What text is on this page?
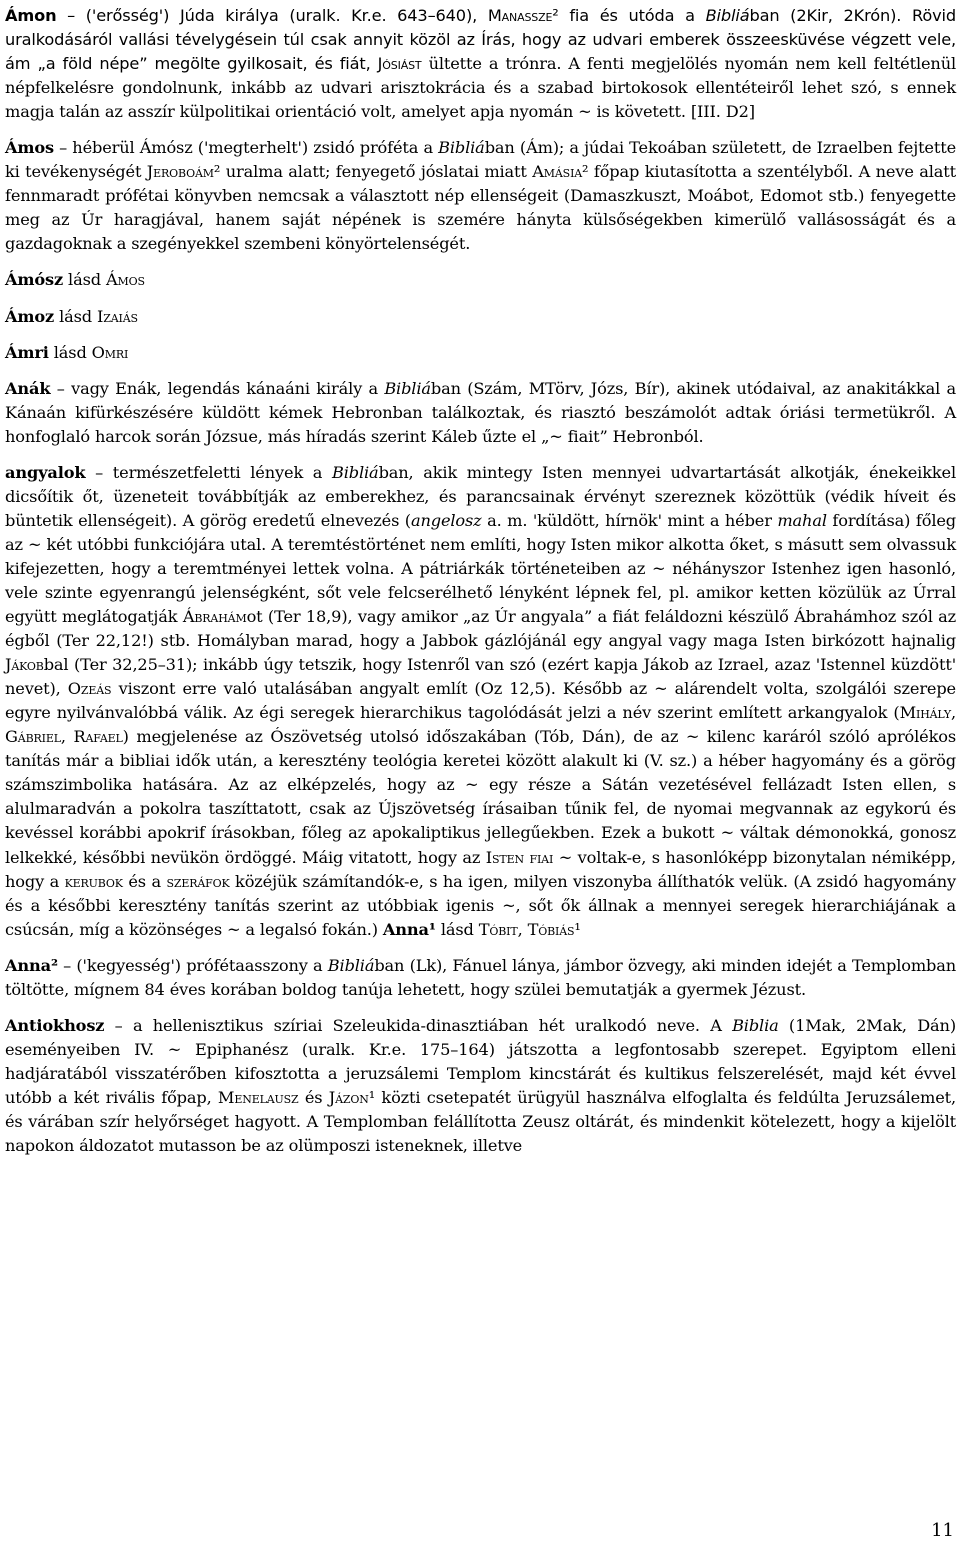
Ámon – ('erősség') Júda királya (uralk. Kr.e. 643–640), Manassze² fia és utóda a Bibliában (2Kir, 2Krón). Rövid uralkodásáról vallási tévelygésein túl csak annyit közöl az Írás, hogy az udvari emberek összeesküvése végzett vele, ám „a föld népe” megölte gyilkosait, és fiát, Jósiást ültette a trónra. A fenti megjelölés nyomán nem kell feltétlenül népfelkelésre gondolnunk, inkább az udvari arisztokrácia és a szabad birtokosok ellentéteiről lehet szó, s ennek magja talán az asszír külpolitikai orientáció volt, amelyet apja nyomán ~ is követett. [III. D2]

Ámos – héberül Ámósz ('megterhelt') zsidó próféta a Bibliában (Ám); a júdai Tekoában született, de Izraelben fejtette ki tevékenységét Jeroboám² uralma alatt; fenyegető jóslatai miatt Amásia² főpap kiutasította a szentélyből. A neve alatt fennmaradt prófétai könyvben nemcsak a választott nép ellenségeit (Damaszkuszt, Moábot, Edomot stb.) fenyegette meg az Úr haragjával, hanem saját népének is szemére hányta külsőségekben kimerülő vallásosságát és a gazdagoknak a szegényekkel szembeni könyörtelenségét.

Ámósz lásd Ámos

Ámoz lásd Izaiás

Ámri lásd Omri

Anák – vagy Enák, legendás kánaáni király a Bibliában (Szám, MTörv, Józs, Bír), akinek utódaival, az anakitákkal a Kánaán kifürkészésére küldött kémek Hebronban találkoztak, és riasztó beszámolót adtak óriási termetükről. A honfoglaló harcok során Józsue, más híradás szerint Káleb űzte el „~ fiait” Hebronból.

angyalok – természetfeletti lények a Bibliában, akik mintegy Isten mennyei udvartartását alkotják, énekeikkel dicsőítik őt, üzeneteit továbbítják az emberekhez, és parancsainak érvényt szereznek közöttük (védik híveit és büntetik ellenségeit). A görög eredetű elnevezés (angelosz a. m. 'küldött, hírnök' mint a héber mahal fordítása) főleg az ~ két utóbbi funkciójára utal. A teremtéstörténet nem említi, hogy Isten mikor alkotta őket, s másutt sem olvassuk kifejezetten, hogy a teremtményei lettek volna. A pátriárkák történeteiben az ~ néhányszor Istenhez igen hasonló, vele szinte egyenrangú jelenségként, sőt vele felcserélhető lényként lépnek fel, pl. amikor ketten közülük az Úrral együtt meglátogatják Ábrahámot (Ter 18,9), vagy amikor „az Úr angyala” a fiát feláldozni készülő Ábrahámhoz szól az égből (Ter 22,12!) stb. Homályban marad, hogy a Jabbok gázlójánál egy angyal vagy maga Isten birkózott hajnalig Jákobbal (Ter 32,25–31); inkább úgy tetszik, hogy Istenről van szó (ezért kapja Jákob az Izrael, azaz 'Istennel küzdött' nevet), Ozeás viszont erre való utalásában angyalt említ (Oz 12,5). Később az ~ alárendelt volta, szolgálói szerepe egyre nyilvánvalóbbá válik. Az égi seregek hierarchikus tagolódását jelzi a név szerint említett arkangyalok (Mihály, Gábriel, Rafael) megjelenése az Ószövetség utolsó időszakában (Tób, Dán), de az ~ kilenc karáról szóló aprólékos tanítás már a bibliai idők után, a keresztény teológia keretei között alakult ki (V. sz.) a héber hagyomány és a görög számszimbolika hatására. Az az elképzelés, hogy az ~ egy része a Sátán vezetésével fellázadt Isten ellen, s alulmaradván a pokolra taszíttatott, csak az Újszövetség írásaiban tűnik fel, de nyomai megvannak az egykorú és kevéssel korábbi apokrif írásokban, főleg az apokaliptikus jellegűekben. Ezek a bukott ~ váltak démonokká, gonosz lelkekké, későbbi nevükön ördöggé. Máig vitatott, hogy az Isten fiai ~ voltak-e, s hasonlóképp bizonytalan némiképp, hogy a kerubok és a szeráfok közéjük számítandók-e, s ha igen, milyen viszonyba állíthatók velük. (A zsidó hagyomány és a későbbi keresztény tanítás szerint az utóbbiak igenis ~, sőt ők állnak a mennyei seregek hierarchiájának a csúcsán, míg a közönséges ~ a legalsó fokán.) Anna¹ lásd Tóbit, Tóbiás¹

Anna² – ('kegyesség') prófétaasszony a Bibliában (Lk), Fánuel lánya, jámbor özvegy, aki minden idejét a Templomban töltötte, mígnem 84 éves korában boldog tanúja lehetett, hogy szülei bemutatják a gyermek Jézust.

Antiokhosz – a hellenisztikus szíriai Szeleukida-dinasztiában hét uralkodó neve. A Biblia (1Mak, 2Mak, Dán) eseményeiben IV. ~ Epiphanész (uralk. Kr.e. 175–164) játszotta a legfontosabb szerepet. Egyiptom elleni hadjáratából visszatérőben kifosztotta a jeruzsálemi Templom kincstárát és kultikus felszerelését, majd két évvel utóbb a két rivális főpap, Menelausz és Jázon¹ közti csetepatét ürügyül használva elfoglalta és feldúlta Jeruzsálemet, és várában szír helyőrséget hagyott. A Templomban felállította Zeusz oltárát, és mindenkit kötelezett, hogy a kijelölt napokon áldozatot mutasson be az olümposzi isteneknek, illetve

11
